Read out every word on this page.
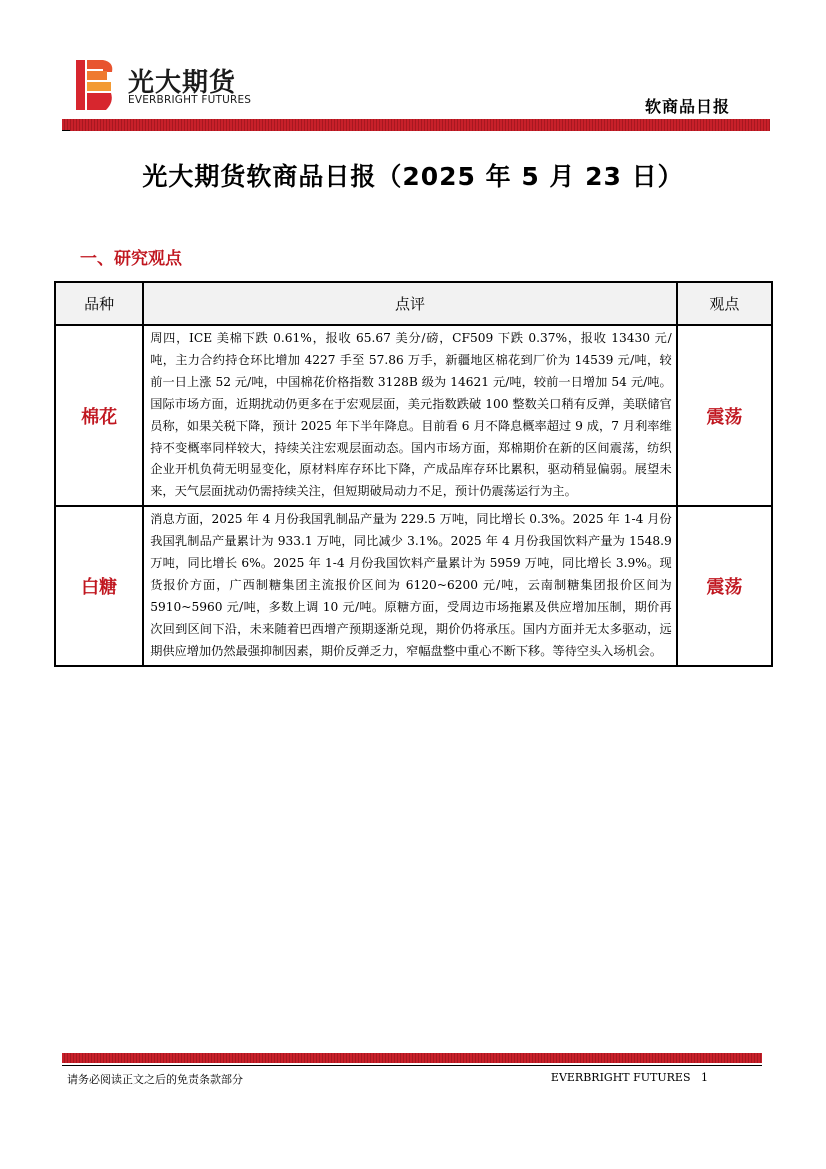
光大期货
EVERBRIGHT FUTURES	软商品日报
光大期货软商品日报（2025 年 5 月 23 日）
一、研究观点
品种	点评	观点
棉花	周四，ICE 美棉下跌 0.61%，报收 65.67 美分/磅，CF509 下跌 0.37%，报收 13430 元/吨，主力合约持仓环比增加 4227 手至 57.86 万手，新疆地区棉花到厂价为 14539 元/吨，较前一日上涨 52 元/吨，中国棉花价格指数 3128B 级为 14621 元/吨，较前一日增加 54 元/吨。国际市场方面，近期扰动仍更多在于宏观层面，美元指数跌破 100 整数关口稍有反弹，美联储官员称，如果关税下降，预计 2025 年下半年降息。目前看 6 月不降息概率超过 9 成，7 月利率维持不变概率同样较大，持续关注宏观层面动态。国内市场方面，郑棉期价在新的区间震荡，纺织企业开机负荷无明显变化，原材料库存环比下降，产成品库存环比累积，驱动稍显偏弱。展望未来，天气层面扰动仍需持续关注，但短期破局动力不足，预计仍震荡运行为主。	震荡
白糖	消息方面，2025 年 4 月份我国乳制品产量为 229.5 万吨，同比增长 0.3%。2025 年 1-4 月份我国乳制品产量累计为 933.1 万吨，同比减少 3.1%。2025 年 4 月份我国饮料产量为 1548.9 万吨，同比增长 6%。2025 年 1-4 月份我国饮料产量累计为 5959 万吨，同比增长 3.9%。现货报价方面，广西制糖集团主流报价区间为 6120~6200 元/吨，云南制糖集团报价区间为 5910~5960 元/吨，多数上调 10 元/吨。原糖方面，受周边市场拖累及供应增加压制，期价再次回到区间下沿，未来随着巴西增产预期逐渐兑现，期价仍将承压。国内方面并无太多驱动，远期供应增加仍然最强抑制因素，期价反弹乏力，窄幅盘整中重心不断下移。等待空头入场机会。	震荡
请务必阅读正文之后的免责条款部分	EVERBRIGHT FUTURES 1
